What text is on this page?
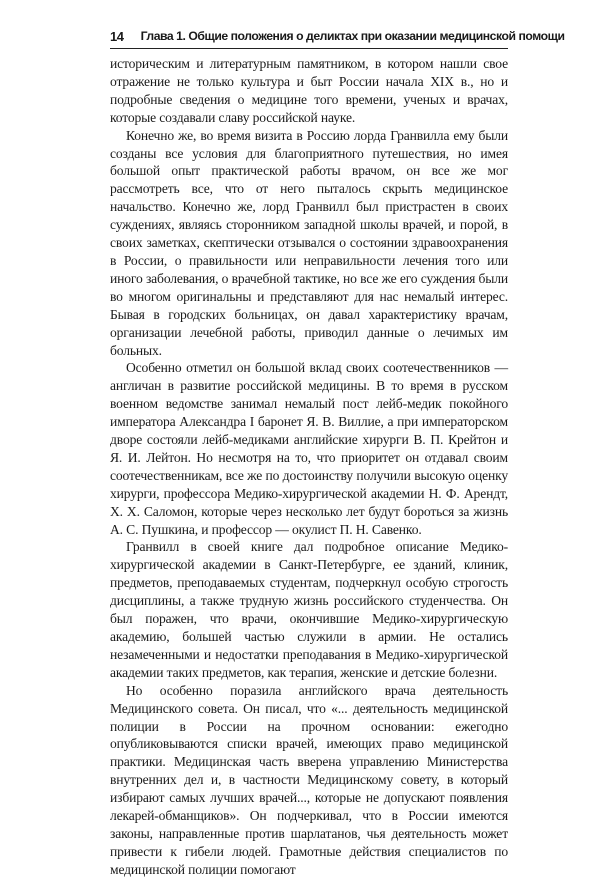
14 Глава 1. Общие положения о деликтах при оказании медицинской помощи

историческим и литературным памятником, в котором нашли свое отражение не только культура и быт России начала XIX в., но и подробные сведения о медицине того времени, ученых и врачах, которые создавали славу российской науке.

Конечно же, во время визита в Россию лорда Гранвилла ему были созданы все условия для благоприятного путешествия, но имея большой опыт практической работы врачом, он все же мог рассмотреть все, что от него пыталось скрыть медицинское начальство. Конечно же, лорд Гранвилл был пристрастен в своих суждениях, являясь сторонником западной школы врачей, и порой, в своих заметках, скептически отзывался о состоянии здравоохранения в России, о правильности или неправильности лечения того или иного заболевания, о врачебной тактике, но все же его суждения были во многом оригинальны и представляют для нас немалый интерес. Бывая в городских больницах, он давал характеристику врачам, организации лечебной работы, приводил данные о лечимых им больных.

Особенно отметил он большой вклад своих соотечественников — англичан в развитие российской медицины. В то время в русском военном ведомстве занимал немалый пост лейб-медик покойного императора Александра I баронет Я. В. Виллие, а при императорском дворе состояли лейб-медиками английские хирурги В. П. Крейтон и Я. И. Лейтон. Но несмотря на то, что приоритет он отдавал своим соотечественникам, все же по достоинству получили высокую оценку хирурги, профессора Медико-хирургической академии Н. Ф. Арендт, Х. Х. Саломон, которые через несколько лет будут бороться за жизнь А. С. Пушкина, и профессор — окулист П. Н. Савенко.

Гранвилл в своей книге дал подробное описание Медико-хирургической академии в Санкт-Петербурге, ее зданий, клиник, предметов, преподаваемых студентам, подчеркнул особую строгость дисциплины, а также трудную жизнь российского студенчества. Он был поражен, что врачи, окончившие Медико-хирургическую академию, большей частью служили в армии. Не остались незамеченными и недостатки преподавания в Медико-хирургической академии таких предметов, как терапия, женские и детские болезни.

Но особенно поразила английского врача деятельность Медицинского совета. Он писал, что «... деятельность медицинской полиции в России на прочном основании: ежегодно опубликовываются списки врачей, имеющих право медицинской практики. Медицинская часть вверена управлению Министерства внутренних дел и, в частности Медицинскому совету, в который избирают самых лучших врачей..., которые не допускают появления лекарей-обманщиков». Он подчеркивал, что в России имеются законы, направленные против шарлатанов, чья деятельность может привести к гибели людей. Грамотные действия специалистов по медицинской полиции помогают
